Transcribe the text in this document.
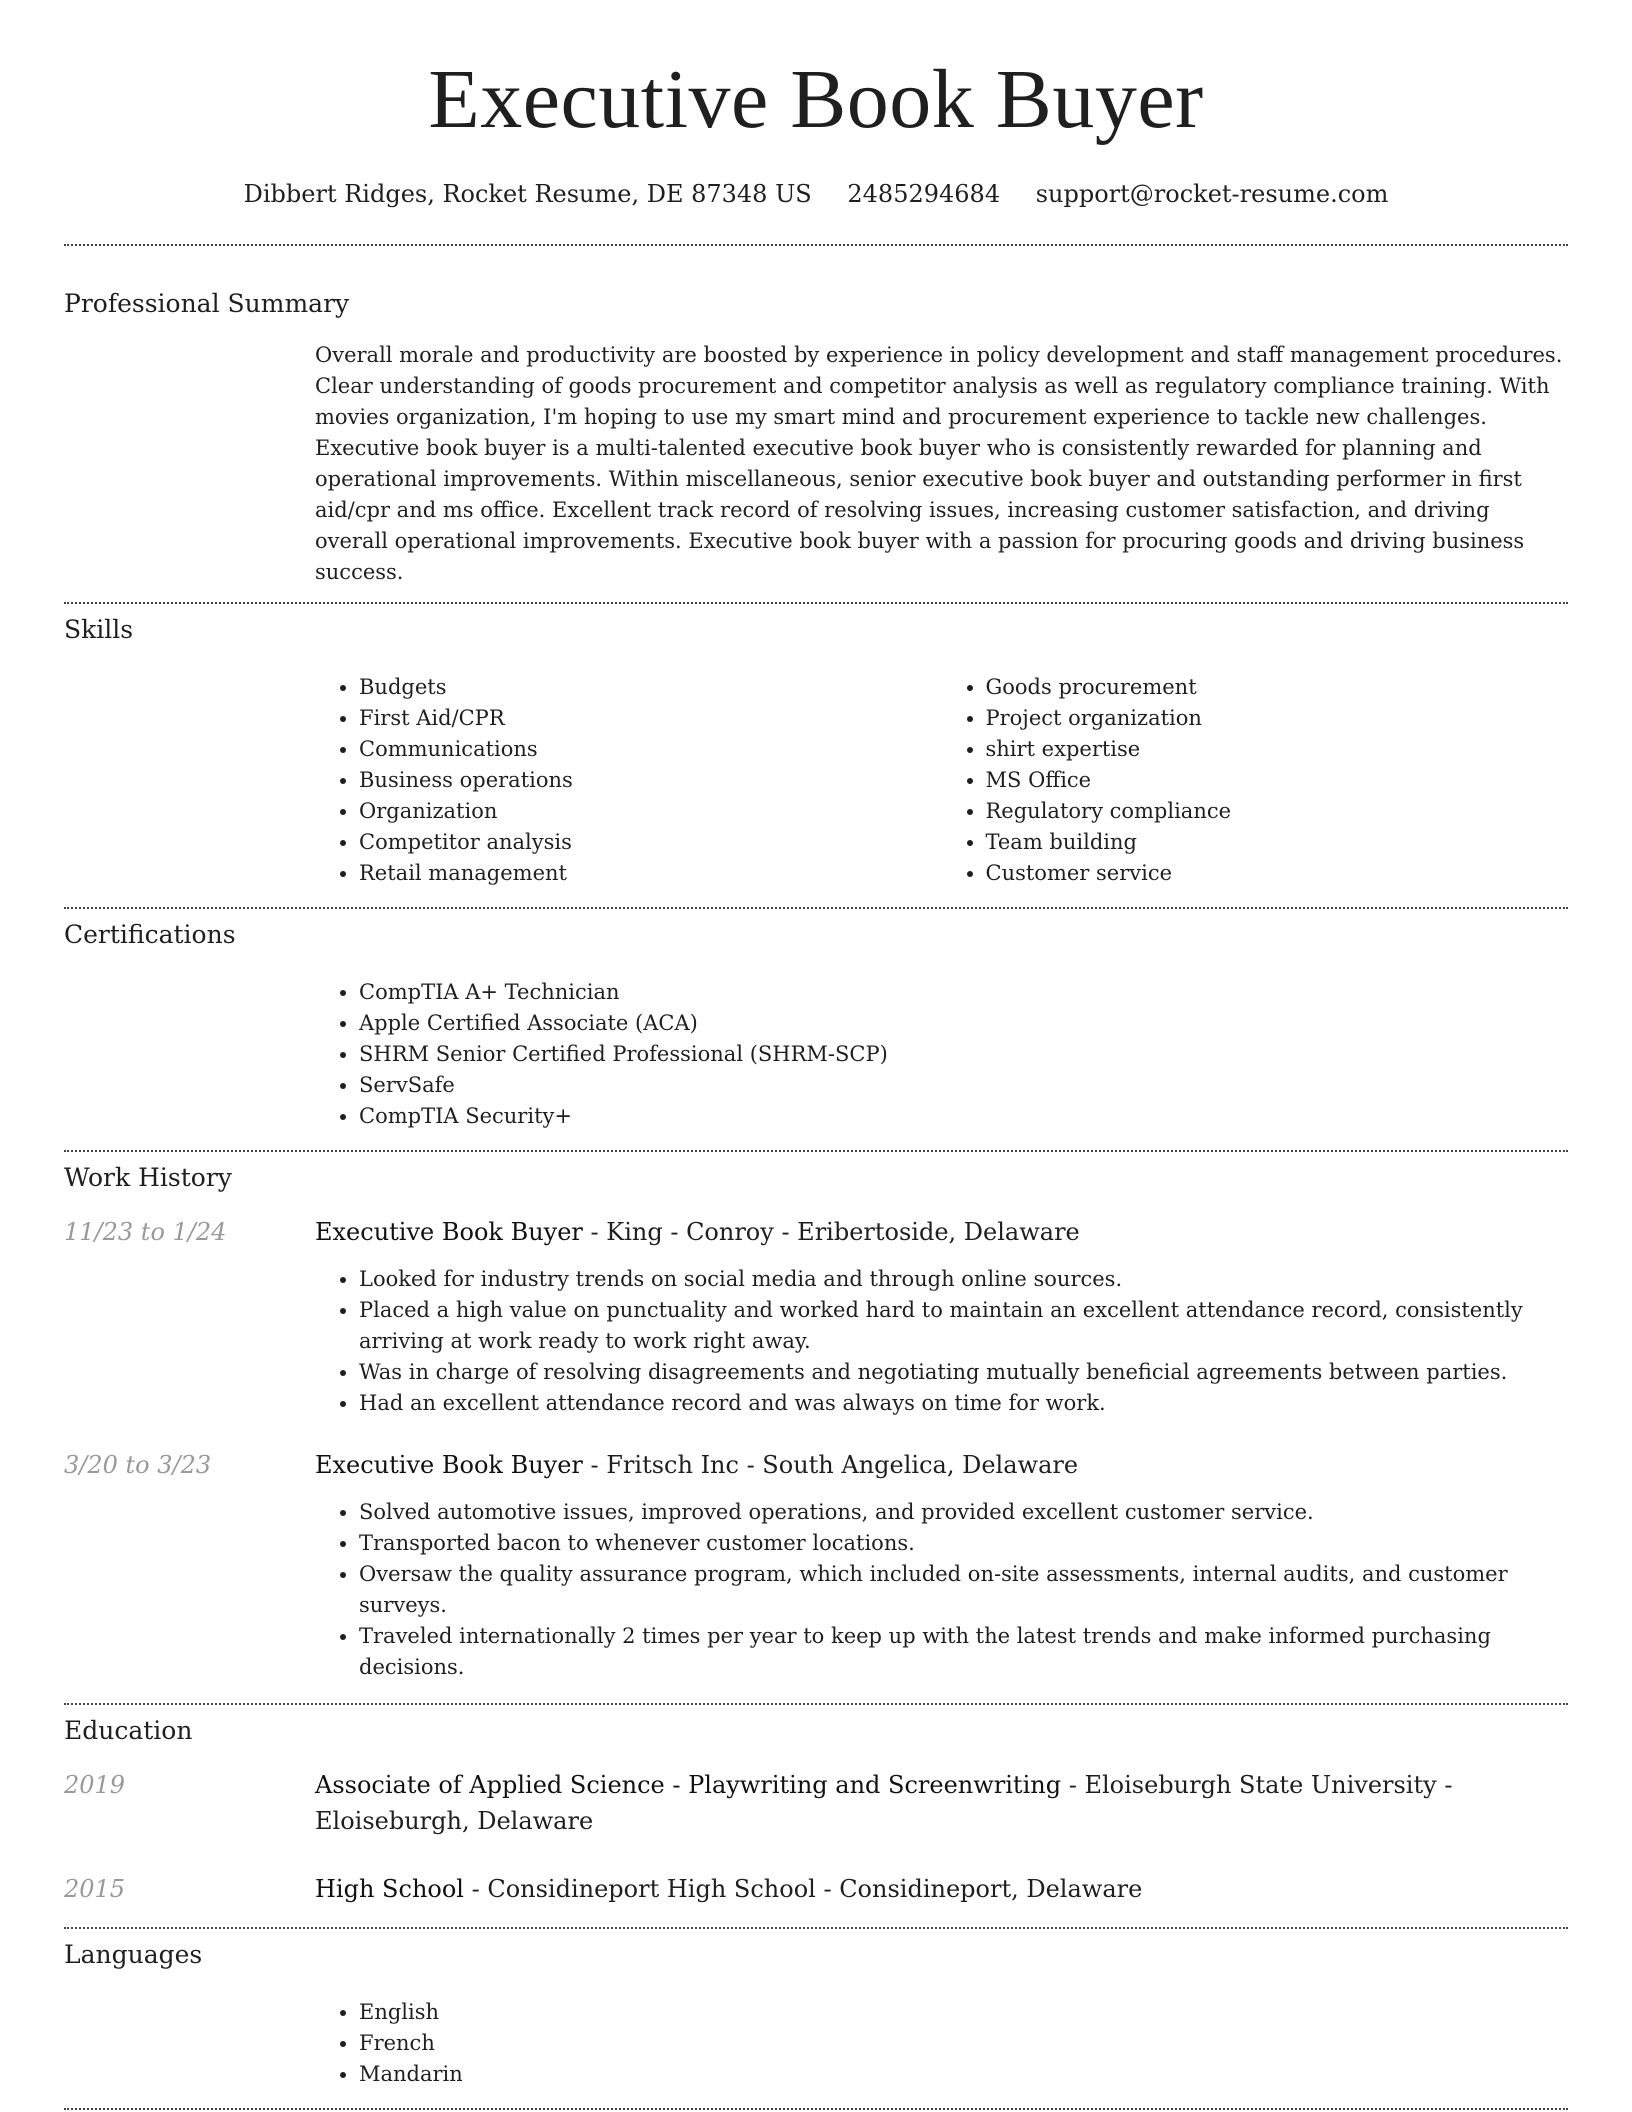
Executive Book Buyer
Dibbert Ridges, Rocket Resume, DE 87348 US 2485294684 support@rocket-resume.com
Professional Summary
Overall morale and productivity are boosted by experience in policy development and staff management procedures. Clear understanding of goods procurement and competitor analysis as well as regulatory compliance training. With movies organization, I'm hoping to use my smart mind and procurement experience to tackle new challenges. Executive book buyer is a multi-talented executive book buyer who is consistently rewarded for planning and operational improvements. Within miscellaneous, senior executive book buyer and outstanding performer in first aid/cpr and ms office. Excellent track record of resolving issues, increasing customer satisfaction, and driving overall operational improvements. Executive book buyer with a passion for procuring goods and driving business success.
Skills
• Budgets
• First Aid/CPR
• Communications
• Business operations
• Organization
• Competitor analysis
• Retail management
• Goods procurement
• Project organization
• shirt expertise
• MS Office
• Regulatory compliance
• Team building
• Customer service
Certifications
• CompTIA A+ Technician
• Apple Certified Associate (ACA)
• SHRM Senior Certified Professional (SHRM-SCP)
• ServSafe
• CompTIA Security+
Work History
11/23 to 1/24	Executive Book Buyer - King - Conroy - Eribertoside, Delaware
• Looked for industry trends on social media and through online sources.
• Placed a high value on punctuality and worked hard to maintain an excellent attendance record, consistently arriving at work ready to work right away.
• Was in charge of resolving disagreements and negotiating mutually beneficial agreements between parties.
• Had an excellent attendance record and was always on time for work.
3/20 to 3/23	Executive Book Buyer - Fritsch Inc - South Angelica, Delaware
• Solved automotive issues, improved operations, and provided excellent customer service.
• Transported bacon to whenever customer locations.
• Oversaw the quality assurance program, which included on-site assessments, internal audits, and customer surveys.
• Traveled internationally 2 times per year to keep up with the latest trends and make informed purchasing decisions.
Education
2019	Associate of Applied Science - Playwriting and Screenwriting - Eloiseburgh State University - Eloiseburgh, Delaware
2015	High School - Considineport High School - Considineport, Delaware
Languages
• English
• French
• Mandarin
